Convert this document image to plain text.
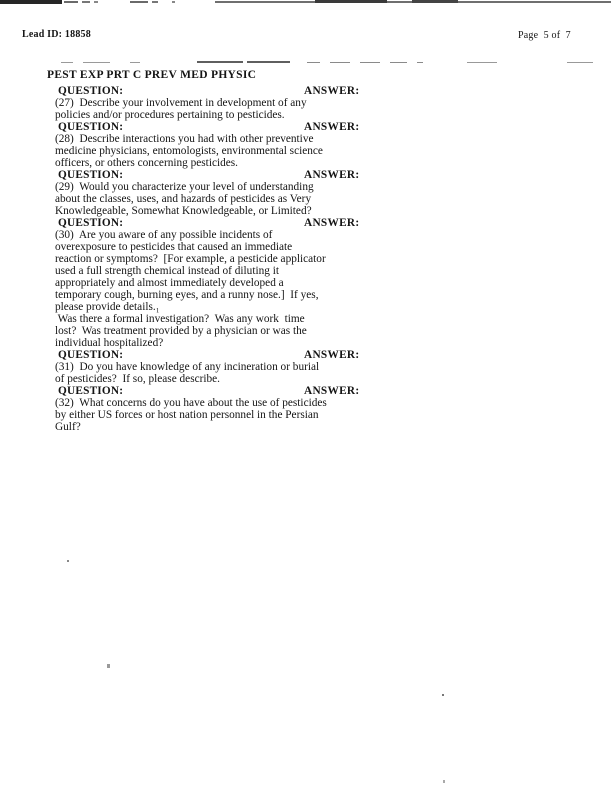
Lead ID: 18858	Page  5 of  7
PEST EXP PRT C PREV MED PHYSIC
QUESTION:	ANSWER:
(27)  Describe your involvement in development of any
policies and/or procedures pertaining to pesticides.
QUESTION:	ANSWER:
(28)  Describe interactions you had with other preventive
medicine physicians, entomologists, environmental science
officers, or others concerning pesticides.
QUESTION:	ANSWER:
(29)  Would you characterize your level of understanding
about the classes, uses, and hazards of pesticides as Very
Knowledgeable, Somewhat Knowledgeable, or Limited?
QUESTION:	ANSWER:
(30)  Are you aware of any possible incidents of
overexposure to pesticides that caused an immediate
reaction or symptoms?  [For example, a pesticide applicator
used a full strength chemical instead of diluting it
appropriately and almost immediately developed a
temporary cough, burning eyes, and a runny nose.]  If yes,
please provide details.₁
Was there a formal investigation?  Was any work  time
lost?  Was treatment provided by a physician or was the
individual hospitalized?
QUESTION:	ANSWER:
(31)  Do you have knowledge of any incineration or burial
of pesticides?  If so, please describe.
QUESTION:	ANSWER:
(32)  What concerns do you have about the use of pesticides
by either US forces or host nation personnel in the Persian
Gulf?
